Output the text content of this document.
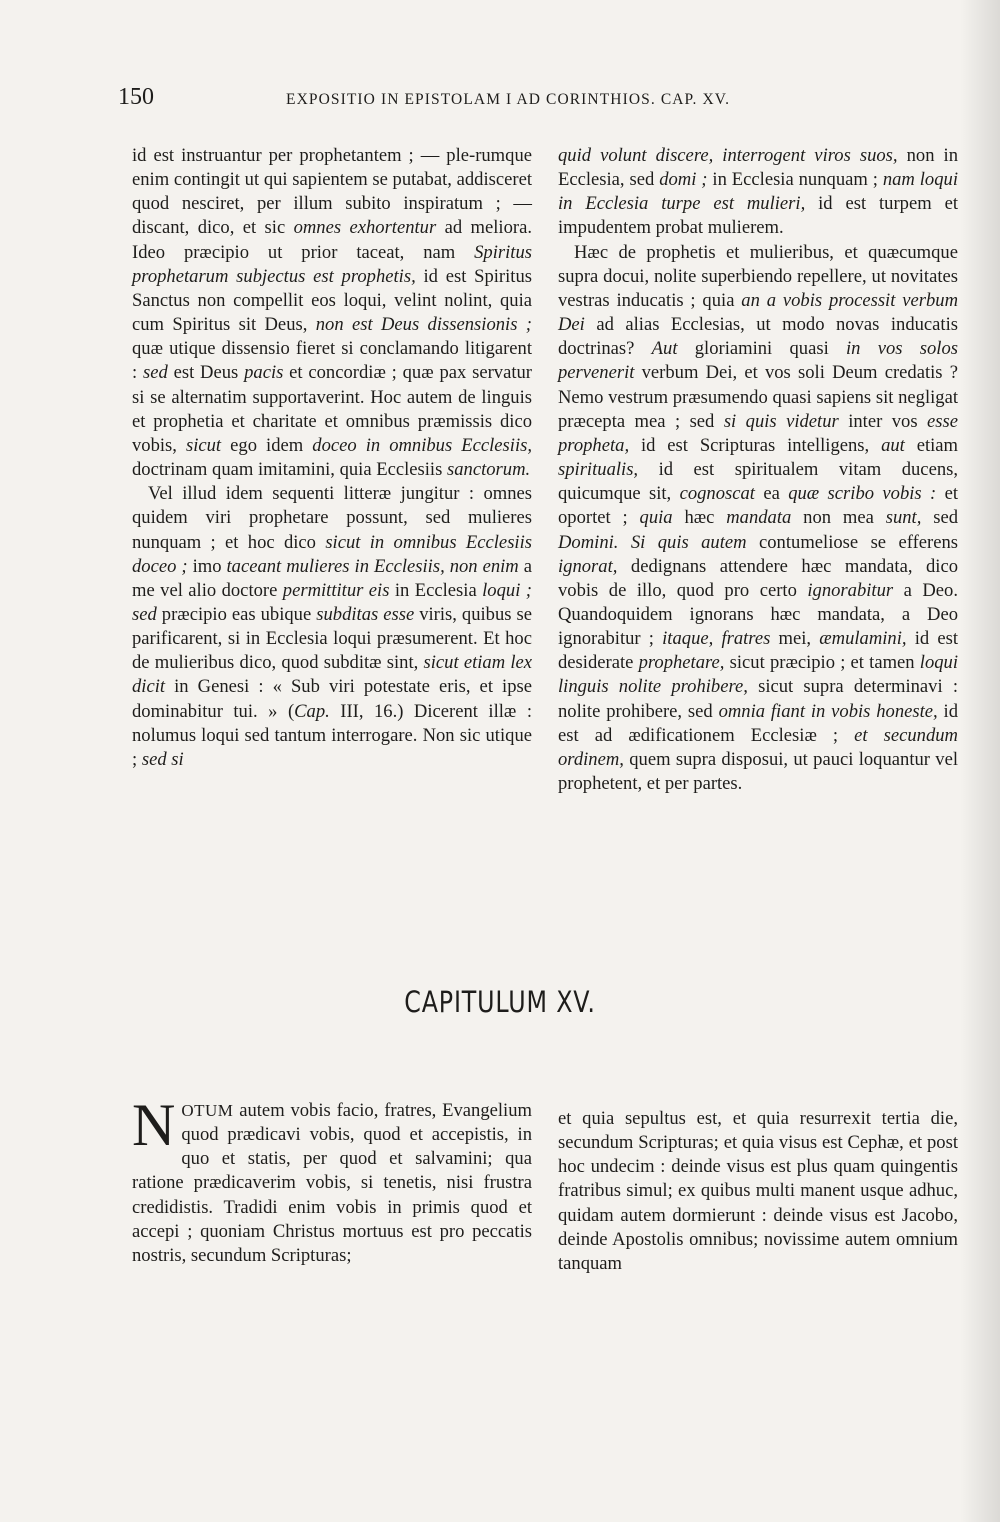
150	EXPOSITIO IN EPISTOLAM I AD CORINTHIOS. CAP. XV.

id est instruantur per prophetantem ; — ple-rumque enim contingit ut qui sapientem se putabat, addisceret quod nesciret, per illum subito inspiratum ; — discant, dico, et sic omnes exhortentur ad meliora. Ideo præcipio ut prior taceat, nam Spiritus prophetarum subjectus est prophetis, id est Spiritus Sanctus non compellit eos loqui, velint nolint, quia cum Spiritus sit Deus, non est Deus dissensionis ; quæ utique dissensio fieret si conclamando litigarent : sed est Deus pacis et concordiæ ; quæ pax servatur si se alternatim supportaverint. Hoc autem de linguis et prophetia et charitate et omnibus præmissis dico vobis, sicut ego idem doceo in omnibus Ecclesiis, doctrinam quam imitamini, quia Ecclesiis sanctorum.

Vel illud idem sequenti litteræ jungitur : omnes quidem viri prophetare possunt, sed mulieres nunquam ; et hoc dico sicut in omnibus Ecclesiis doceo ; imo taceant mulieres in Ecclesiis, non enim a me vel alio doctore permittitur eis in Ecclesia loqui ; sed præcipio eas ubique subditas esse viris, quibus se parificarent, si in Ecclesia loqui præsumerent. Et hoc de mulieribus dico, quod subditæ sint, sicut etiam lex dicit in Genesi : « Sub viri potestate eris, et ipse dominabitur tui. » (Cap. III, 16.) Dicerent illæ : nolumus loqui sed tantum interrogare. Non sic utique ; sed si

quid volunt discere, interrogent viros suos, non in Ecclesia, sed domi ; in Ecclesia nunquam ; nam loqui in Ecclesia turpe est mulieri, id est turpem et impudentem probat mulierem.

Hæc de prophetis et mulieribus, et quæcumque supra docui, nolite superbiendo repellere, ut novitates vestras inducatis ; quia an a vobis processit verbum Dei ad alias Ecclesias, ut modo novas inducatis doctrinas? Aut gloriamini quasi in vos solos pervenerit verbum Dei, et vos soli Deum credatis ? Nemo vestrum præsumendo quasi sapiens sit negligat præcepta mea ; sed si quis videtur inter vos esse propheta, id est Scripturas intelligens, aut etiam spiritualis, id est spiritualem vitam ducens, quicumque sit, cognoscat ea quæ scribo vobis : et oportet ; quia hæc mandata non mea sunt, sed Domini. Si quis autem contumeliose se efferens ignorat, dedignans attendere hæc mandata, dico vobis de illo, quod pro certo ignorabitur a Deo. Quandoquidem ignorans hæc mandata, a Deo ignorabitur ; itaque, fratres mei, æmulamini, id est desiderate prophetare, sicut præcipio ; et tamen loqui linguis nolite prohibere, sicut supra determinavi : nolite prohibere, sed omnia fiant in vobis honeste, id est ad ædificationem Ecclesiæ ; et secundum ordinem, quem supra disposui, ut pauci loquantur vel prophetent, et per partes.

CAPITULUM XV.

NOTUM autem vobis facio, fratres, Evangelium quod prædicavi vobis, quod et accepistis, in quo et statis, per quod et salvamini; qua ratione prædicaverim vobis, si tenetis, nisi frustra credidistis. Tradidi enim vobis in primis quod et accepi ; quoniam Christus mortuus est pro peccatis nostris, secundum Scripturas;

et quia sepultus est, et quia resurrexit tertia die, secundum Scripturas; et quia visus est Cephæ, et post hoc undecim : deinde visus est plus quam quingentis fratribus simul; ex quibus multi manent usque adhuc, quidam autem dormierunt : deinde visus est Jacobo, deinde Apostolis omnibus; novissime autem omnium tanquam
